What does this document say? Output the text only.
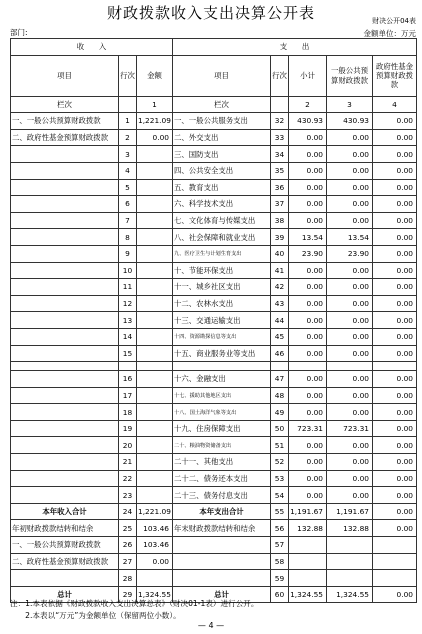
财政拨款收入支出决算公开表	财决公开04表
部门:	金额单位：万元
收　　入			支　　出				
项目	行次	金额	项目	行次	小计	一般公共预算财政拨款	政府性基金预算财政拨款
栏次		1	栏次		2	3	4
一、一般公共预算财政拨款	1	1,221.09	一、一般公共服务支出	32	430.93	430.93	0.00
二、政府性基金预算财政拨款	2	0.00	二、外交支出	33	0.00	0.00	0.00
	3		三、国防支出	34	0.00	0.00	0.00
	4		四、公共安全支出	35	0.00	0.00	0.00
	5		五、教育支出	36	0.00	0.00	0.00
	6		六、科学技术支出	37	0.00	0.00	0.00
	7		七、文化体育与传媒支出	38	0.00	0.00	0.00
	8		八、社会保障和就业支出	39	13.54	13.54	0.00
	9		九、医疗卫生与计划生育支出	40	23.90	23.90	0.00
	10		十、节能环保支出	41	0.00	0.00	0.00
	11		十一、城乡社区支出	42	0.00	0.00	0.00
	12		十二、农林水支出	43	0.00	0.00	0.00
	13		十三、交通运输支出	44	0.00	0.00	0.00
	14		十四、资源勘探信息等支出	45	0.00	0.00	0.00
	15		十五、商业服务业等支出	46	0.00	0.00	0.00

	16		十六、金融支出	47	0.00	0.00	0.00
	17		十七、援助其他地区支出	48	0.00	0.00	0.00
	18		十八、国土海洋气象等支出	49	0.00	0.00	0.00
	19		十九、住房保障支出	50	723.31	723.31	0.00
	20		二十、粮油物资储备支出	51	0.00	0.00	0.00
	21		二十一、其他支出	52	0.00	0.00	0.00
	22		二十二、债务还本支出	53	0.00	0.00	0.00
	23		二十三、债务付息支出	54	0.00	0.00	0.00
本年收入合计	24	1,221.09	本年支出合计	55	1,191.67	1,191.67	0.00
年初财政拨款结转和结余	25	103.46	年末财政拨款结转和结余	56	132.88	132.88	0.00
一、一般公共预算财政拨款	26	103.46		57			
二、政府性基金预算财政拨款	27	0.00		58			
	28			59			
总计	29	1,324.55	总计	60	1,324.55	1,324.55	0.00
注：1.本表依据《财政拨款收入支出决算总表》（财决01-1表）进行公开。
　　2.本表以“万元”为金额单位（保留两位小数）。
— 4 —
